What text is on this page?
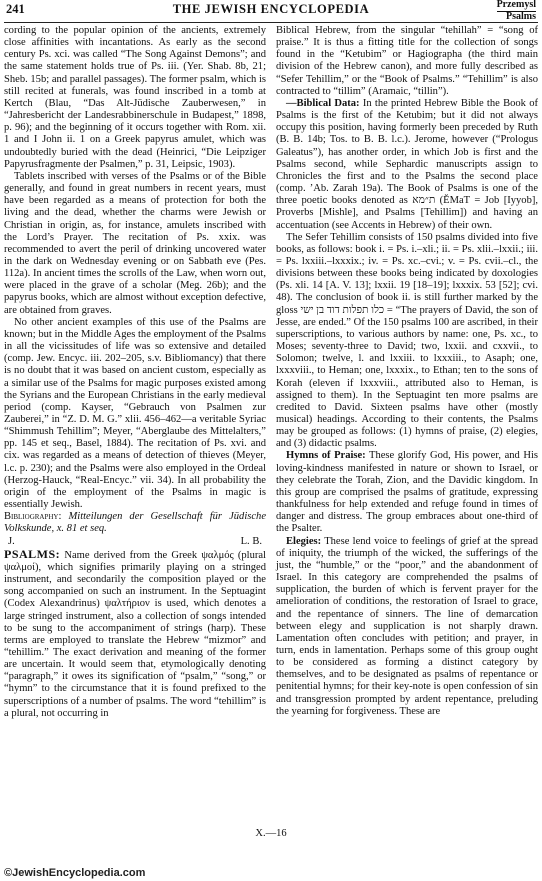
241	THE JEWISH ENCYCLOPEDIA	Przemysl
Psalms

cording to the popular opinion of the ancients, extremely close affinities with incantations. As early as the second century Ps. xci. was called “The Song Against Demons”; and the same statement holds true of Ps. iii. (Yer. Shab. 8b, 21; Sheb. 15b; and parallel passages). The former psalm, which is still recited at funerals, was found inscribed in a tomb at Kertch (Blau, “Das Alt-Jüdische Zauberwesen,” in “Jahresbericht der Landesrabbinerschule in Budapest,” 1898, p. 96); and the beginning of it occurs together with Rom. xii. 1 and I John ii. 1 on a Greek papyrus amulet, which was undoubtedly buried with the dead (Heinrici, “Die Leipziger Papyrusfragmente der Psalmen,” p. 31, Leipsic, 1903).

Tablets inscribed with verses of the Psalms or of the Bible generally, and found in great numbers in recent years, must have been regarded as a means of protection for both the living and the dead, whether the charms were Jewish or Christian in origin, as, for instance, amulets inscribed with the Lord’s Prayer. The recitation of Ps. xxix. was recommended to avert the peril of drinking uncovered water in the dark on Wednesday evening or on Sabbath eve (Pes. 112a). In ancient times the scrolls of the Law, when worn out, were placed in the grave of a scholar (Meg. 26b); and the papyrus books, which are almost without exception defective, are obtained from graves.

No other ancient examples of this use of the Psalms are known; but in the Middle Ages the employment of the Psalms in all the vicissitudes of life was so extensive and detailed (comp. Jew. Encyc. iii. 202–205, s.v. Bibliomancy) that there is no doubt that it was based on ancient custom, especially as a similar use of the Psalms for magic purposes existed among the Syrians and the European Christians in the early medieval period (comp. Kayser, “Gebrauch von Psalmen zur Zauberei,” in “Z. D. M. G.” xlii. 456–462—a veritable Syriac “Shimmush Tehillim”; Meyer, “Aberglaube des Mittelalters,” pp. 145 et seq., Basel, 1884). The recitation of Ps. xvi. and cix. was regarded as a means of detection of thieves (Meyer, l.c. p. 230); and the Psalms were also employed in the Ordeal (Herzog-Hauck, “Real-Encyc.” vii. 34). In all probability the origin of the employment of the Psalms in magic is essentially Jewish.

Bibliography: Mitteilungen der Gesellschaft für Jüdische Volkskunde, x. 81 et seq.

J.	L. B.

PSALMS: Name derived from the Greek ψαλμός (plural ψαλμοί), which signifies primarily playing on a stringed instrument, and secondarily the composition played or the song accompanied on such an instrument. In the Septuagint (Codex Alexandrinus) ψαλτήριον is used, which denotes a large stringed instrument, also a collection of songs intended to be sung to the accompaniment of strings (harp). These terms are employed to translate the Hebrew “mizmor” and “tehillim.” The exact derivation and meaning of the former are uncertain. It would seem that, etymologically denoting “paragraph,” it owes its signification of “psalm,” “song,” or “hymn” to the circumstance that it is found prefixed to the superscriptions of a number of psalms. The word “tehillim” is a plural, not occurring in

Biblical Hebrew, from the singular “tehillah” = “song of praise.” It is thus a fitting title for the collection of songs found in the “Ketubim” or Hagiographa (the third main division of the Hebrew canon), and more fully described as “Sefer Tehillim,” or the “Book of Psalms.” “Tehillim” is also contracted to “tillim” (Aramaic, “tillin”).

—Biblical Data: In the printed Hebrew Bible the Book of Psalms is the first of the Ketubim; but it did not always occupy this position, having formerly been preceded by Ruth (B. B. 14b; Tos. to B. B. l.c.). Jerome, however (“Prologus Galeatus”), has another order, in which Job is first and the Psalms second, while Sephardic manuscripts assign to Chronicles the first and to the Psalms the second place (comp. ’Ab. Zarah 19a). The Book of Psalms is one of the three poetic books denoted as ת״מא (ĔMaT = Job [Iyyob], Proverbs [Mishle], and Psalms [Tehillim]) and having an accentuation (see Accents in Hebrew) of their own.

The Sefer Tehillim consists of 150 psalms divided into five books, as follows: book i. = Ps. i.–xli.; ii. = Ps. xlii.–lxxii.; iii. = Ps. lxxiii.–lxxxix.; iv. = Ps. xc.–cvi.; v. = Ps. cvii.–cl., the divisions between these books being indicated by doxologies (Ps. xli. 14 [A. V. 13]; lxxii. 19 [18–19]; lxxxix. 53 [52]; cvi. 48). The conclusion of book ii. is still further marked by the gloss כלו תפלות דוד בן ישי = “The prayers of David, the son of Jesse, are ended.” Of the 150 psalms 100 are ascribed, in their superscriptions, to various authors by name: one, Ps. xc., to Moses; seventy-three to David; two, lxxii. and cxxvii., to Solomon; twelve, l. and lxxiii. to lxxxiii., to Asaph; one, lxxxviii., to Heman; one, lxxxix., to Ethan; ten to the sons of Korah (eleven if lxxxviii., attributed also to Heman, is assigned to them). In the Septuagint ten more psalms are credited to David. Sixteen psalms have other (mostly musical) headings. According to their contents, the Psalms may be grouped as follows: (1) hymns of praise, (2) elegies, and (3) didactic psalms.

Hymns of Praise: These glorify God, His power, and His loving-kindness manifested in nature or shown to Israel, or they celebrate the Torah, Zion, and the Davidic kingdom. In this group are comprised the psalms of gratitude, expressing thankfulness for help extended and refuge found in times of danger and distress. The group embraces about one-third of the Psalter.

Elegies: These lend voice to feelings of grief at the spread of iniquity, the triumph of the wicked, the sufferings of the just, the “humble,” or the “poor,” and the abandonment of Israel. In this category are comprehended the psalms of supplication, the burden of which is fervent prayer for the amelioration of conditions, the restoration of Israel to grace, and the repentance of sinners. The line of demarcation between elegy and supplication is not sharply drawn. Lamentation often concludes with petition; and prayer, in turn, ends in lamentation. Perhaps some of this group ought to be considered as forming a distinct category by themselves, and to be designated as psalms of repentance or penitential hymns; for their key-note is open confession of sin and transgression prompted by ardent repentance, preluding the yearning for forgiveness. These are

X.—16
©JewishEncyclopedia.com
